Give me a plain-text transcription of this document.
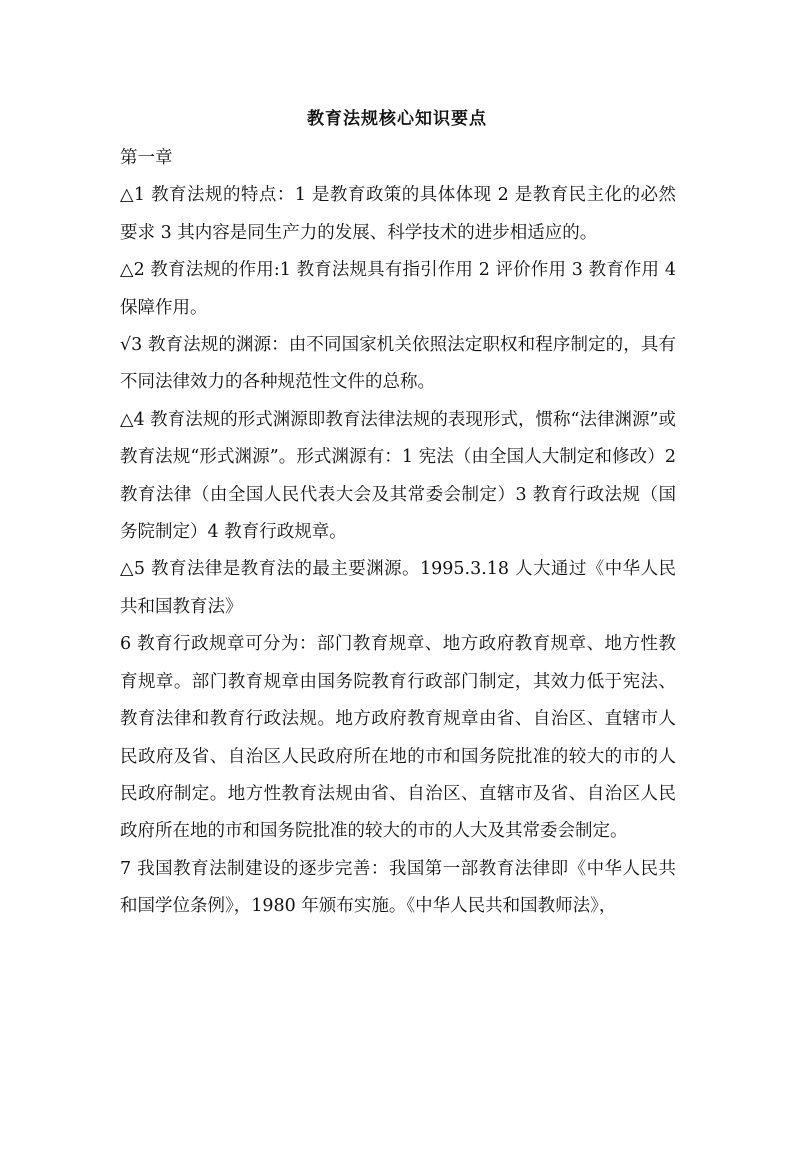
教育法规核心知识要点

第一章

△1 教育法规的特点：1 是教育政策的具体体现 2 是教育民主化的必然要求 3 其内容是同生产力的发展、科学技术的进步相适应的。

△2 教育法规的作用:1 教育法规具有指引作用 2 评价作用 3 教育作用 4 保障作用。

√3 教育法规的渊源：由不同国家机关依照法定职权和程序制定的，具有不同法律效力的各种规范性文件的总称。

△4 教育法规的形式渊源即教育法律法规的表现形式，惯称“法律渊源”或教育法规“形式渊源”。形式渊源有：1 宪法（由全国人大制定和修改）2 教育法律（由全国人民代表大会及其常委会制定）3 教育行政法规（国务院制定）4 教育行政规章。

△5 教育法律是教育法的最主要渊源。1995.3.18 人大通过《中华人民共和国教育法》

6 教育行政规章可分为：部门教育规章、地方政府教育规章、地方性教育规章。部门教育规章由国务院教育行政部门制定，其效力低于宪法、教育法律和教育行政法规。地方政府教育规章由省、自治区、直辖市人民政府及省、自治区人民政府所在地的市和国务院批准的较大的市的人民政府制定。地方性教育法规由省、自治区、直辖市及省、自治区人民政府所在地的市和国务院批准的较大的市的人大及其常委会制定。

7 我国教育法制建设的逐步完善：我国第一部教育法律即《中华人民共和国学位条例》，1980 年颁布实施。《中华人民共和国教师法》，
